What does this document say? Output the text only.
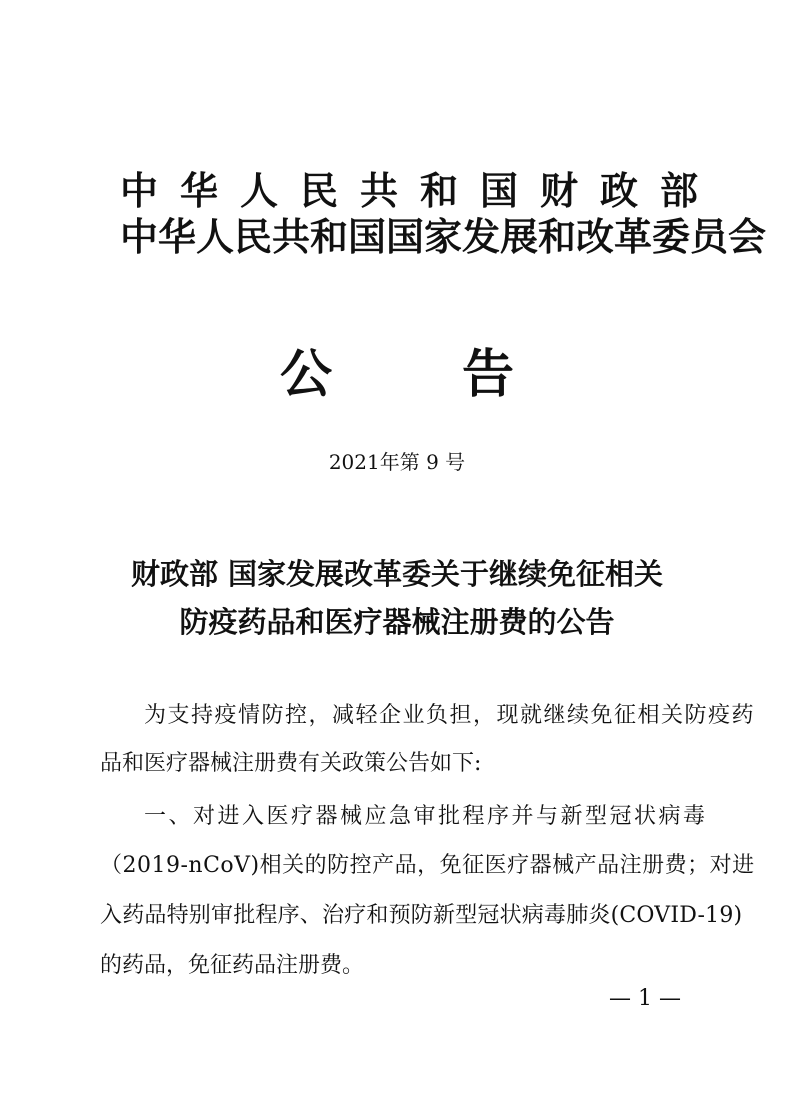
中华人民共和国财政部
中华人民共和国国家发展和改革委员会
公告
2021年第 9 号
财政部 国家发展改革委关于继续免征相关
防疫药品和医疗器械注册费的公告
为支持疫情防控，减轻企业负担，现就继续免征相关防疫药
品和医疗器械注册费有关政策公告如下:
一、对进入医疗器械应急审批程序并与新型冠状病毒
（2019-nCoV)相关的防控产品，免征医疗器械产品注册费；对进
入药品特别审批程序、治疗和预防新型冠状病毒肺炎(COVID-19)
的药品，免征药品注册费。
— 1 —
